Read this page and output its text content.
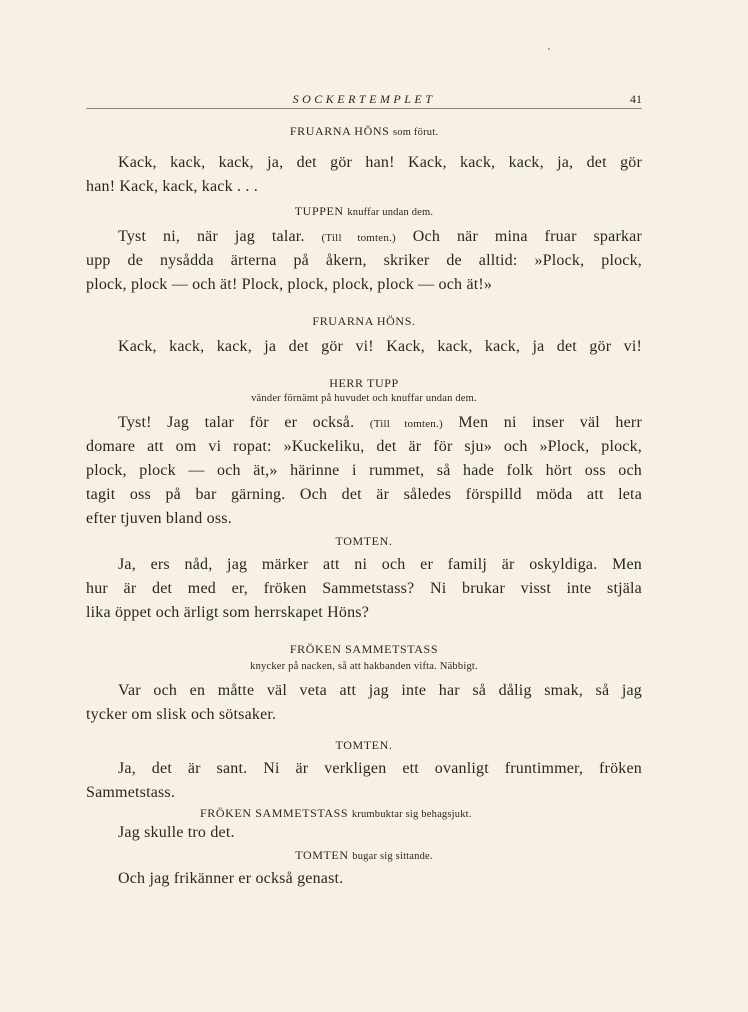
SOCKERTEMPLET	41
FRUARNA HÖNS som förut.
Kack, kack, kack, ja, det gör han! Kack, kack, kack, ja, det gör
han! Kack, kack, kack . . .
TUPPEN knuffar undan dem.
Tyst ni, när jag talar. (Till tomten.) Och när mina fruar sparkar
upp de nysådda ärterna på åkern, skriker de alltid: »Plock, plock,
plock, plock — och ät! Plock, plock, plock, plock — och ät!»
FRUARNA HÖNS.
Kack, kack, kack, ja det gör vi! Kack, kack, kack, ja det gör vi!
HERR TUPP
vänder förnämt på huvudet och knuffar undan dem.
Tyst! Jag talar för er också. (Till tomten.) Men ni inser väl herr
domare att om vi ropat: »Kuckeliku, det är för sju» och »Plock, plock,
plock, plock — och ät,» härinne i rummet, så hade folk hört oss och
tagit oss på bar gärning. Och det är således förspilld möda att leta
efter tjuven bland oss.
TOMTEN.
Ja, ers nåd, jag märker att ni och er familj är oskyldiga. Men
hur är det med er, fröken Sammetstass? Ni brukar visst inte stjäla
lika öppet och ärligt som herrskapet Höns?
FRÖKEN SAMMETSTASS
knycker på nacken, så att hakbanden vifta. Näbbigt.
Var och en måtte väl veta att jag inte har så dålig smak, så jag
tycker om slisk och sötsaker.
TOMTEN.
Ja, det är sant. Ni är verkligen ett ovanligt fruntimmer, fröken
Sammetstass.
FRÖKEN SAMMETSTASS krumbuktar sig behagsjukt.
Jag skulle tro det.
TOMTEN bugar sig sittande.
Och jag frikänner er också genast.
